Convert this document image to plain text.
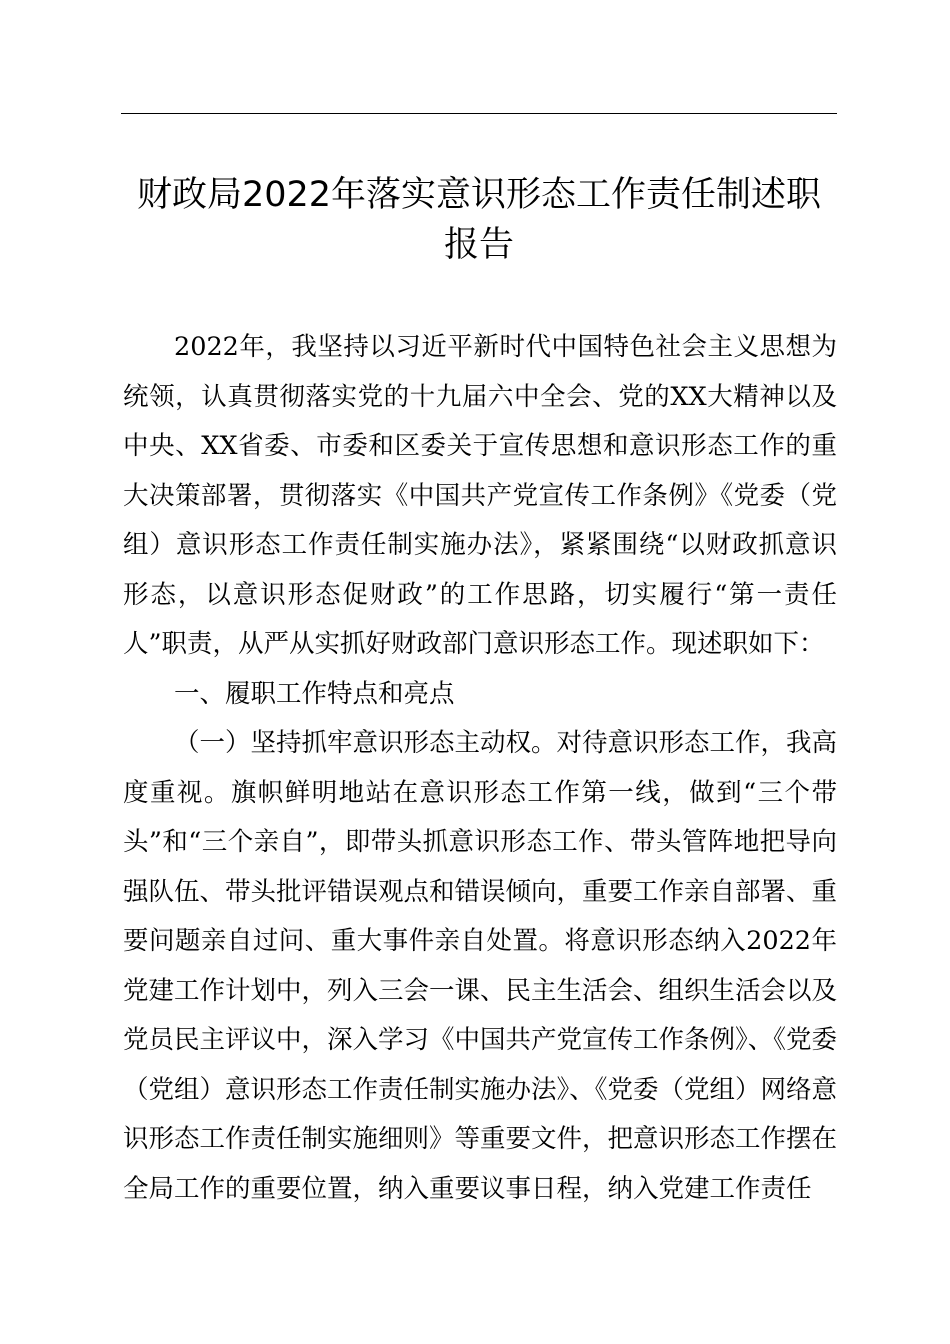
财政局2022年落实意识形态工作责任制述职
报告

2022年，我坚持以习近平新时代中国特色社会主义思想为统领，认真贯彻落实党的十九届六中全会、党的XX大精神以及中央、XX省委、市委和区委关于宣传思想和意识形态工作的重大决策部署，贯彻落实《中国共产党宣传工作条例》《党委（党组）意识形态工作责任制实施办法》，紧紧围绕“以财政抓意识形态，以意识形态促财政”的工作思路，切实履行“第一责任人”职责，从严从实抓好财政部门意识形态工作。现述职如下：

一、履职工作特点和亮点

（一）坚持抓牢意识形态主动权。对待意识形态工作，我高度重视。旗帜鲜明地站在意识形态工作第一线，做到“三个带头”和“三个亲自”，即带头抓意识形态工作、带头管阵地把导向强队伍、带头批评错误观点和错误倾向，重要工作亲自部署、重要问题亲自过问、重大事件亲自处置。将意识形态纳入2022年党建工作计划中，列入三会一课、民主生活会、组织生活会以及党员民主评议中，深入学习《中国共产党宣传工作条例》、《党委（党组）意识形态工作责任制实施办法》、《党委（党组）网络意识形态工作责任制实施细则》等重要文件，把意识形态工作摆在全局工作的重要位置，纳入重要议事日程，纳入党建工作责任
